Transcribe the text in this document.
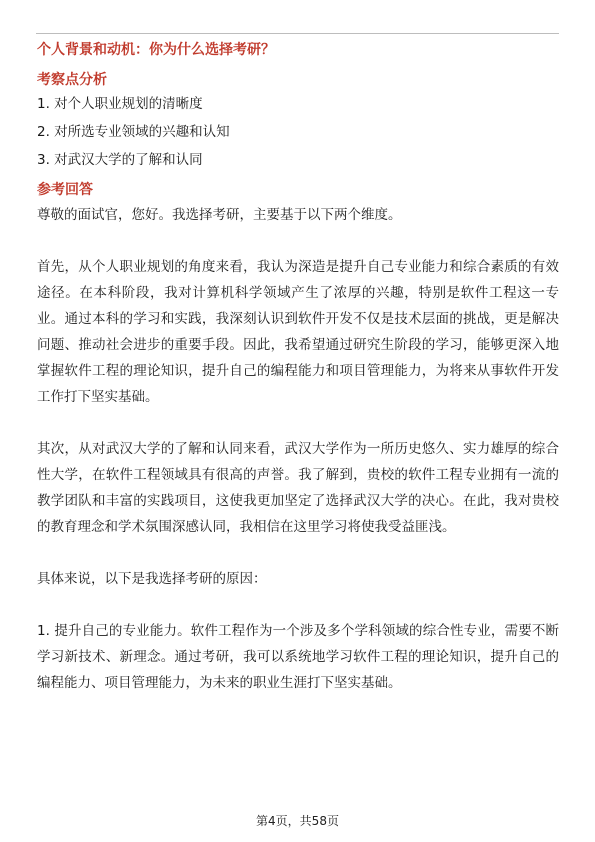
个人背景和动机：你为什么选择考研？
考察点分析

1. 对个人职业规划的清晰度

2. 对所选专业领域的兴趣和认知

3. 对武汉大学的了解和认同

参考回答

尊敬的面试官，您好。我选择考研，主要基于以下两个维度。

首先，从个人职业规划的角度来看，我认为深造是提升自己专业能力和综合素质的有效途径。在本科阶段，我对计算机科学领域产生了浓厚的兴趣，特别是软件工程这一专业。通过本科的学习和实践，我深刻认识到软件开发不仅是技术层面的挑战，更是解决问题、推动社会进步的重要手段。因此，我希望通过研究生阶段的学习，能够更深入地掌握软件工程的理论知识，提升自己的编程能力和项目管理能力，为将来从事软件开发工作打下坚实基础。

其次，从对武汉大学的了解和认同来看，武汉大学作为一所历史悠久、实力雄厚的综合性大学，在软件工程领域具有很高的声誉。我了解到，贵校的软件工程专业拥有一流的教学团队和丰富的实践项目，这使我更加坚定了选择武汉大学的决心。在此，我对贵校的教育理念和学术氛围深感认同，我相信在这里学习将使我受益匪浅。

具体来说，以下是我选择考研的原因：

1. 提升自己的专业能力。软件工程作为一个涉及多个学科领域的综合性专业，需要不断学习新技术、新理念。通过考研，我可以系统地学习软件工程的理论知识，提升自己的编程能力、项目管理能力，为未来的职业生涯打下坚实基础。

第4页，共58页
